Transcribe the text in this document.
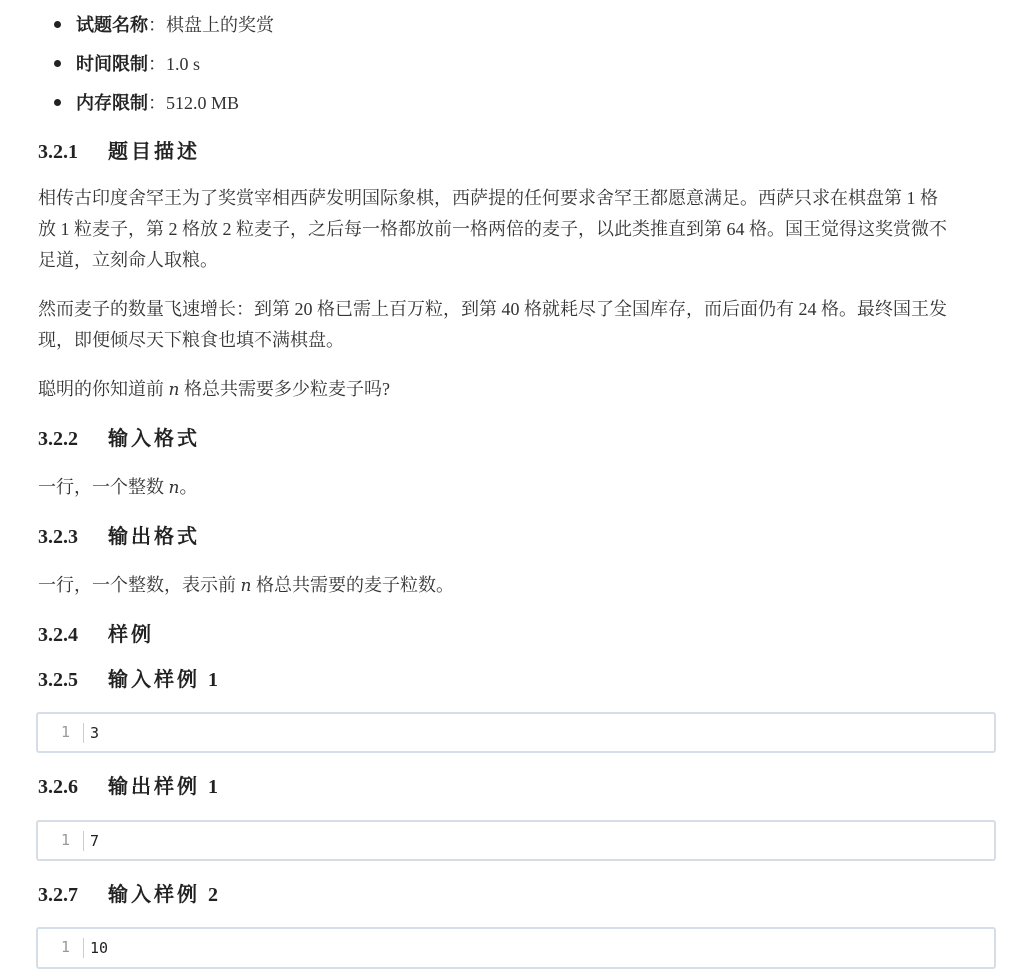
试题名称：棋盘上的奖赏
时间限制：1.0 s
内存限制：512.0 MB
3.2.1 题目描述
相传古印度舍罕王为了奖赏宰相西萨发明国际象棋，西萨提的任何要求舍罕王都愿意满足。西萨只求在棋盘第 1 格
放 1 粒麦子，第 2 格放 2 粒麦子，之后每一格都放前一格两倍的麦子，以此类推直到第 64 格。国王觉得这奖赏微不
足道，立刻命人取粮。
然而麦子的数量飞速增长：到第 20 格已需上百万粒，到第 40 格就耗尽了全国库存，而后面仍有 24 格。最终国王发
现，即便倾尽天下粮食也填不满棋盘。
聪明的你知道前 n 格总共需要多少粒麦子吗?
3.2.2 输入格式
一行，一个整数 n。
3.2.3 输出格式
一行，一个整数，表示前 n 格总共需要的麦子粒数。
3.2.4 样例
3.2.5 输入样例 1
1	3
3.2.6 输出样例 1
1	7
3.2.7 输入样例 2
1	10
